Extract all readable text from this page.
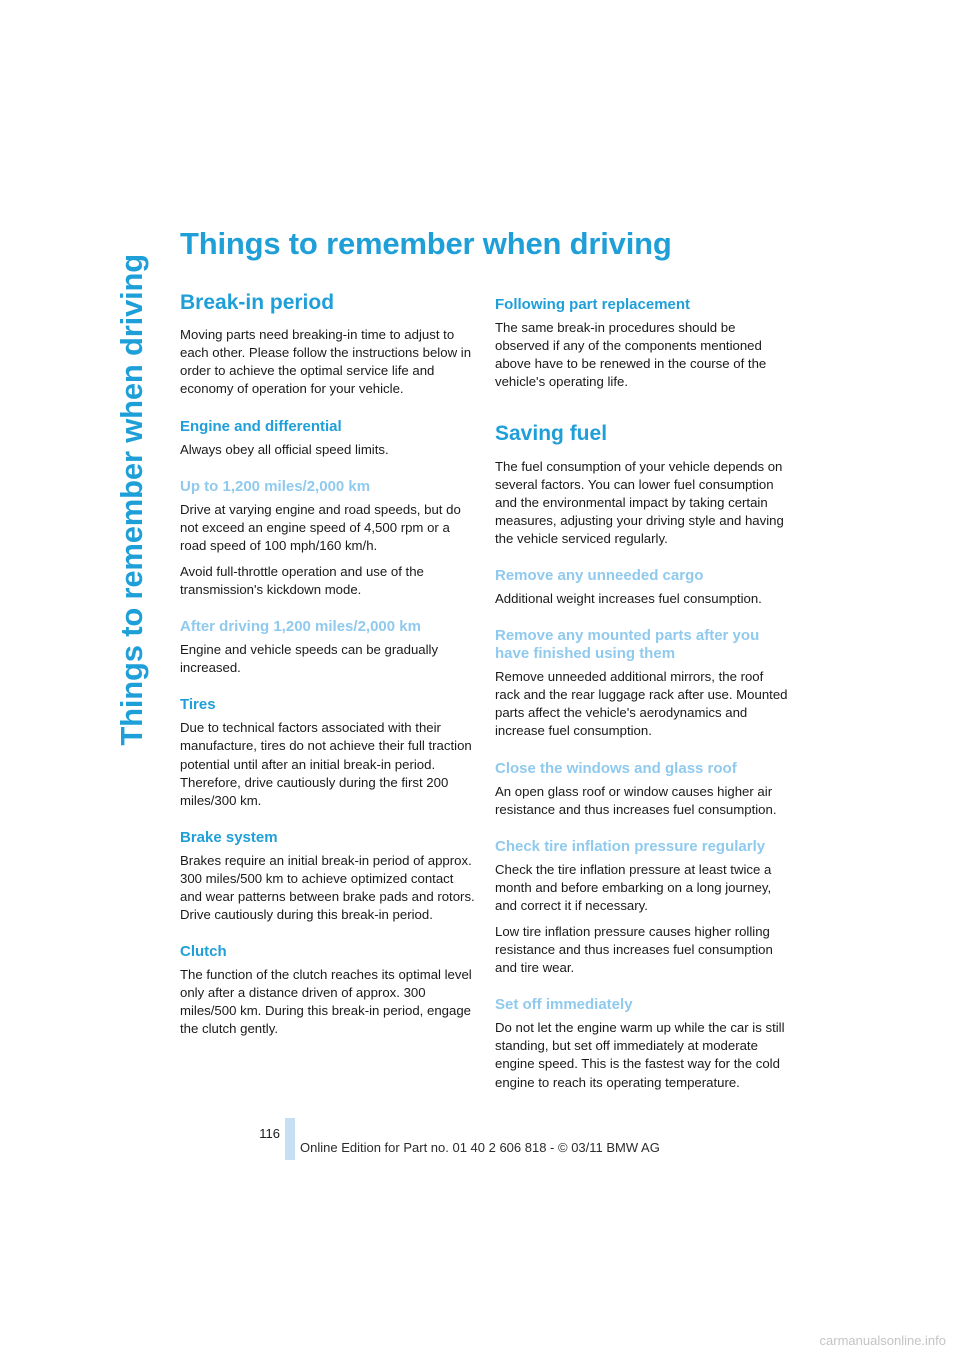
Things to remember when driving
Things to remember when driving
Break-in period

Moving parts need breaking-in time to adjust to each other. Please follow the instructions below in order to achieve the optimal service life and economy of operation for your vehicle.

Engine and differential

Always obey all official speed limits.

Up to 1,200 miles/2,000 km

Drive at varying engine and road speeds, but do not exceed an engine speed of 4,500 rpm or a road speed of 100 mph/160 km/h.

Avoid full-throttle operation and use of the transmission's kickdown mode.

After driving 1,200 miles/2,000 km

Engine and vehicle speeds can be gradually increased.

Tires

Due to technical factors associated with their manufacture, tires do not achieve their full traction potential until after an initial break-in period. Therefore, drive cautiously during the first 200 miles/300 km.

Brake system

Brakes require an initial break-in period of approx. 300 miles/500 km to achieve optimized contact and wear patterns between brake pads and rotors. Drive cautiously during this break-in period.

Clutch

The function of the clutch reaches its optimal level only after a distance driven of approx. 300 miles/500 km. During this break-in period, engage the clutch gently.

Following part replacement

The same break-in procedures should be observed if any of the components mentioned above have to be renewed in the course of the vehicle's operating life.

Saving fuel

The fuel consumption of your vehicle depends on several factors. You can lower fuel consumption and the environmental impact by taking certain measures, adjusting your driving style and having the vehicle serviced regularly.

Remove any unneeded cargo

Additional weight increases fuel consumption.

Remove any mounted parts after you have finished using them

Remove unneeded additional mirrors, the roof rack and the rear luggage rack after use. Mounted parts affect the vehicle's aerodynamics and increase fuel consumption.

Close the windows and glass roof

An open glass roof or window causes higher air resistance and thus increases fuel consumption.

Check tire inflation pressure regularly

Check the tire inflation pressure at least twice a month and before embarking on a long journey, and correct it if necessary.

Low tire inflation pressure causes higher rolling resistance and thus increases fuel consumption and tire wear.

Set off immediately

Do not let the engine warm up while the car is still standing, but set off immediately at moderate engine speed. This is the fastest way for the cold engine to reach its operating temperature.

116
Online Edition for Part no. 01 40 2 606 818 - © 03/11 BMW AG
carmanualsonline.info
